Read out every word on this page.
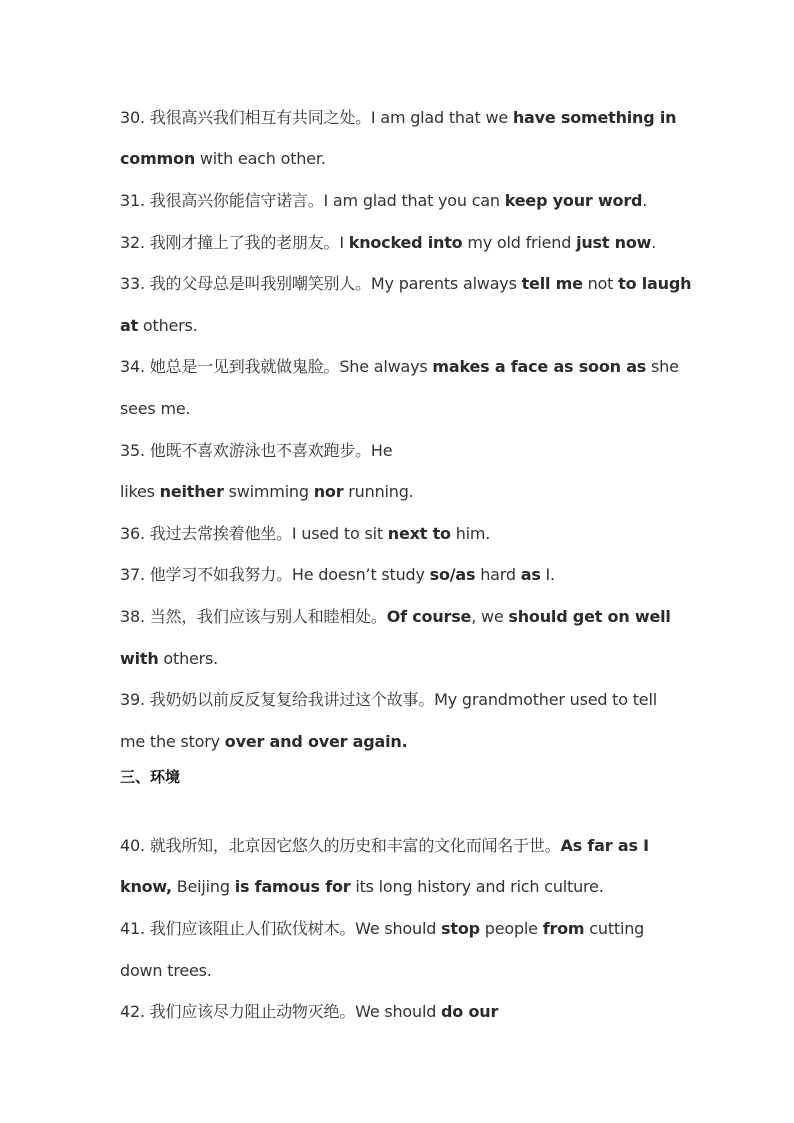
30. 我很高兴我们相互有共同之处。I am glad that we have something in
common with each other.
31. 我很高兴你能信守诺言。I am glad that you can keep your word.
32. 我刚才撞上了我的老朋友。I knocked into my old friend just now.
33. 我的父母总是叫我别嘲笑别人。My parents always tell me not to laugh
at others.
34. 她总是一见到我就做鬼脸。She always makes a face as soon as she
sees me.
35. 他既不喜欢游泳也不喜欢跑步。He
likes neither swimming nor running.
36. 我过去常挨着他坐。I used to sit next to him.
37. 他学习不如我努力。He doesn’t study so/as hard as I.
38. 当然，我们应该与别人和睦相处。Of course, we should get on well
with others.
39. 我奶奶以前反反复复给我讲过这个故事。My grandmother used to tell
me the story over and over again.
三、环境
40. 就我所知，北京因它悠久的历史和丰富的文化而闻名于世。As far as I
know, Beijing is famous for its long history and rich culture.
41. 我们应该阻止人们砍伐树木。We should stop people from cutting
down trees.
42. 我们应该尽力阻止动物灭绝。We should do our
